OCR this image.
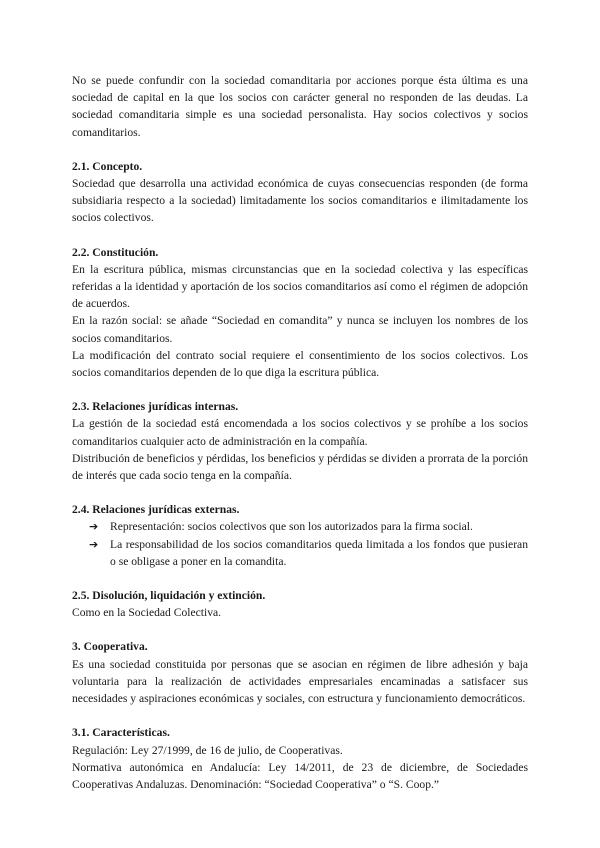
No se puede confundir con la sociedad comanditaria por acciones porque ésta última es una sociedad de capital en la que los socios con carácter general no responden de las deudas. La sociedad comanditaria simple es una sociedad personalista. Hay socios colectivos y socios comanditarios.

2.1. Concepto.

Sociedad que desarrolla una actividad económica de cuyas consecuencias responden (de forma subsidiaria respecto a la sociedad) limitadamente los socios comanditarios e ilimitadamente los socios colectivos.

2.2. Constitución.

En la escritura pública, mismas circunstancias que en la sociedad colectiva y las específicas referidas a la identidad y aportación de los socios comanditarios así como el régimen de adopción de acuerdos.

En la razón social: se añade “Sociedad en comandita” y nunca se incluyen los nombres de los socios comanditarios.

La modificación del contrato social requiere el consentimiento de los socios colectivos. Los socios comanditarios dependen de lo que diga la escritura pública.

2.3. Relaciones jurídicas internas.

La gestión de la sociedad está encomendada a los socios colectivos y se prohíbe a los socios comanditarios cualquier acto de administración en la compañía.

Distribución de beneficios y pérdidas, los beneficios y pérdidas se dividen a prorrata de la porción de interés que cada socio tenga en la compañía.

2.4. Relaciones jurídicas externas.
➔ Representación: socios colectivos que son los autorizados para la firma social.
➔ La responsabilidad de los socios comanditarios queda limitada a los fondos que pusieran o se obligase a poner en la comandita.
2.5. Disolución, liquidación y extinción.

Como en la Sociedad Colectiva.

3. Cooperativa.

Es una sociedad constituida por personas que se asocian en régimen de libre adhesión y baja voluntaria para la realización de actividades empresariales encaminadas a satisfacer sus necesidades y aspiraciones económicas y sociales, con estructura y funcionamiento democráticos.

3.1. Características.

Regulación: Ley 27/1999, de 16 de julio, de Cooperativas.

Normativa autonómica en Andalucía: Ley 14/2011, de 23 de diciembre, de Sociedades Cooperativas Andaluzas. Denominación: “Sociedad Cooperativa” o “S. Coop.”
